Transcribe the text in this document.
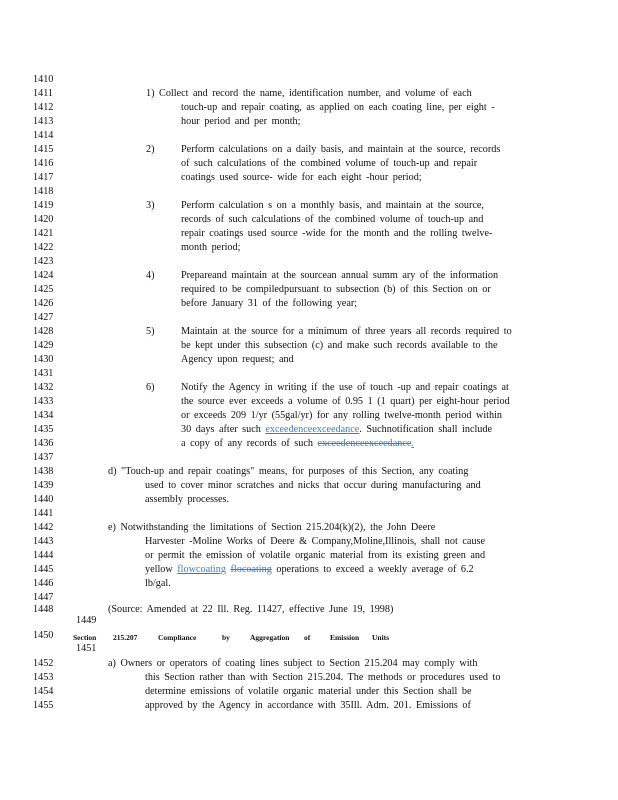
1410
1411
1412
1413
1414
1415
1416
1417
1418
1419
1420
1421
1422
1423
1424
1425
1426
1427
1428
1429
1430
1431
1432
1433
1434
1435
1436
1437
1438
1439
1440
1441
1442
1443
1444
1445
1446
1447
1448
1449
1450
1451
1452
1453
1454
1455
1) Collect and record the name, identification number, and volume of each
touch-up and repair coating, as applied on each coating line, per eight -
hour period and per month;
2)	Perform calculations on a daily basis, and maintain at the source, records
of such calculations of the combined volume of touch-up and repair
coatings used source- wide for each eight -hour period;
3)	Perform calculation s on a monthly basis, and maintain at the source,
records of such calculations of the combined volume of touch-up and
repair coatings used source -wide for the month and the rolling twelve-
month period;
4)	Prepareand maintain at the sourcean annual summ ary of the information
required to be compiledpursuant to subsection (b) of this Section on or
before January 31 of the following year;
5)	Maintain at the source for a minimum of three years all records required to
be kept under this subsection (c) and make such records available to the
Agency upon request; and
6)	Notify the Agency in writing if the use of touch -up and repair coatings at
the source ever exceeds a volume of 0.95 1 (1 quart) per eight-hour period
or exceeds 209 1/yr (55gal/yr) for any rolling twelve-month period within
30 days after such exceedenceexceedance. Suchnotification shall include
a copy of any records of such exceedenceexceedance.
d) "Touch-up and repair coatings" means, for purposes of this Section, any coating
used to cover minor scratches and nicks that occur during manufacturing and
assembly processes.
e) Notwithstanding the limitations of Section 215.204(k)(2), the John Deere
Harvester -Moline Works of Deere & Company,Moline,Illinois, shall not cause
or permit the emission of volatile organic material from its existing green and
yellow flowcoating flocoating operations to exceed a weekly average of 6.2
lb/gal.
(Source: Amended at 22 Ill. Reg. 11427, effective June 19, 1998)
Section 215.207	Compliance	by	Aggregation of	Emission Units
a) Owners or operators of coating lines subject to Section 215.204 may comply with
this Section rather than with Section 215.204. The methods or procedures used to
determine emissions of volatile organic material under this Section shall be
approved by the Agency in accordance with 35Ill. Adm. 201. Emissions of
